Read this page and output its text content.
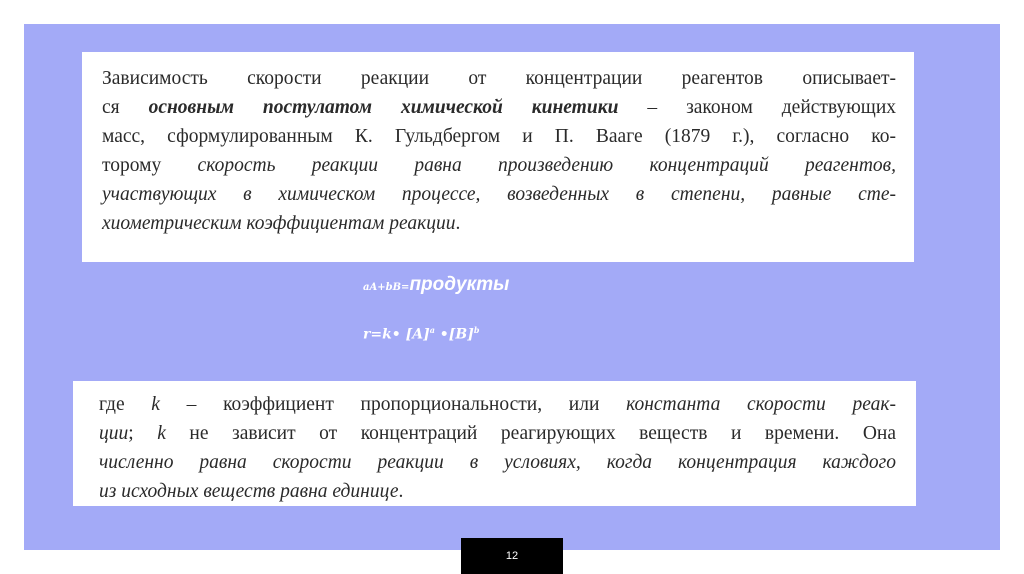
Зависимость скорости реакции от концентрации реагентов описывает-
ся основным постулатом химической кинетики – законом действующих
масс, сформулированным К. Гульдбергом и П. Вааге (1879 г.), согласно ко-
торому скорость реакции равна произведению концентраций реагентов,
участвующих в химическом процессе, возведенных в степени, равные сте-
хиометрическим коэффициентам реакции.
aA+bB=продукты
r=k• $[A]^a$ $•[B]^b$
где k – коэффициент пропорциональности, или константа скорости реак-
ции; k не зависит от концентраций реагирующих веществ и времени. Она
численно равна скорости реакции в условиях, когда концентрация каждого
из исходных веществ равна единице.
12
